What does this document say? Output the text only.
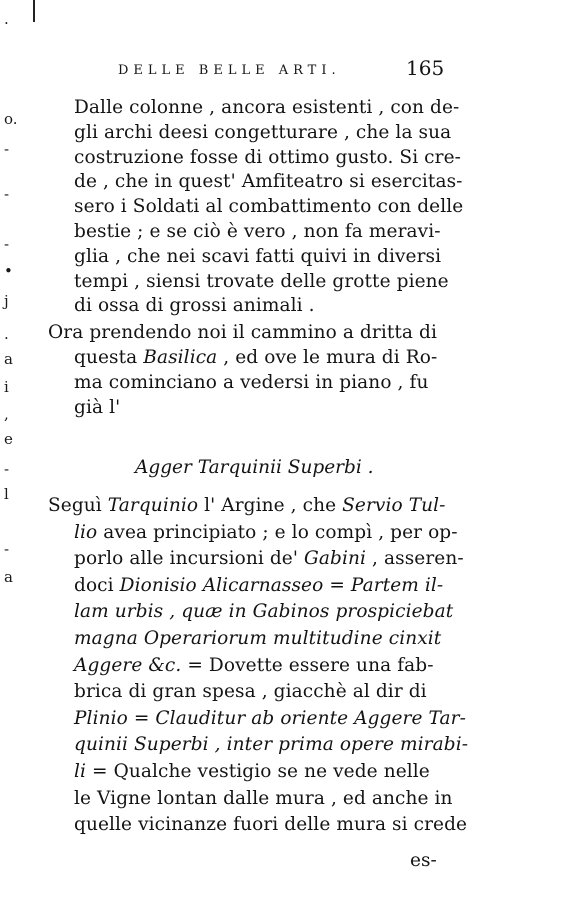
.
o.
-
-
-
•
j
.
a
i
,
e
-
l
-
a
DELLE BELLE ARTI.	165
Dalle colonne , ancora esistenti , con de-
gli archi deesi congetturare , che la sua
costruzione fosse di ottimo gusto. Si cre-
de , che in quest' Amfiteatro si esercitas-
sero i Soldati al combattimento con delle
bestie ; e se ciò è vero , non fa meravi-
glia , che nei scavi fatti quivi in diversi
tempi , siensi trovate delle grotte piene
di ossa di grossi animali .
Ora prendendo noi il cammino a dritta di
questa Basilica , ed ove le mura di Ro-
ma cominciano a vedersi in piano , fu
già l'
Agger Tarquinii Superbi .
Seguì Tarquinio l' Argine , che Servio Tul-
lio avea principiato ; e lo compì , per op-
porlo alle incursioni de' Gabini , asseren-
doci Dionisio Alicarnasseo = Partem il-
lam urbis , quæ in Gabinos prospiciebat
magna Operariorum multitudine cinxit
Aggere &c. = Dovette essere una fab-
brica di gran spesa , giacchè al dir di
Plinio = Clauditur ab oriente Aggere Tar-
quinii Superbi , inter prima opere mirabi-
li = Qualche vestigio se ne vede nelle
le Vigne lontan dalle mura , ed anche in
quelle vicinanze fuori delle mura si crede
es-
